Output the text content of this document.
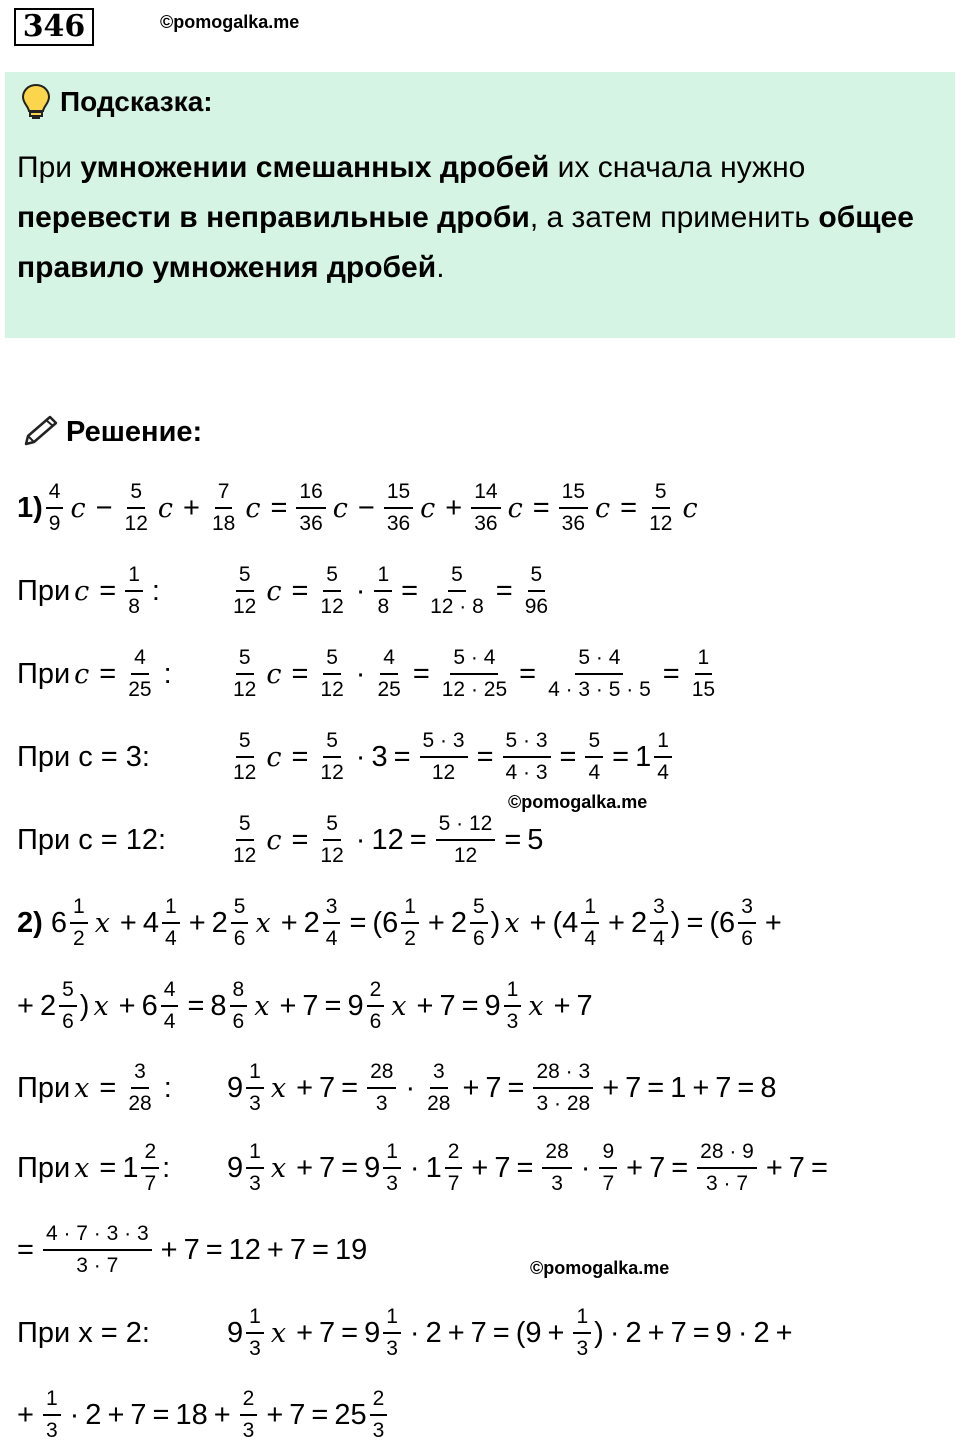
346	©pomogalka.me
Подсказка:
При умножении смешанных дробей их сначала нужно перевести в неправильные дроби, а затем применить общее правило умножения дробей.
Решение:
$1) \frac{4}{9}$ $c - \frac{5}{12}$ $c + \frac{7}{18}$ $c = \frac{16}{36}$ $c - \frac{15}{36}$ $c + \frac{14}{36}$ $c = \frac{15}{36}$ $c = \frac{5}{12}$ c
При $c = \frac{1}{8}$ :	$\frac{5}{12}$ $c = \frac{5}{12} \cdot \frac{1}{8} = \frac{5}{12 \cdot 8} = \frac{5}{96}$
При $c = \frac{4}{25}$ :	$\frac{5}{12}$ $c = \frac{5}{12} \cdot \frac{4}{25} = \frac{5 \cdot 4}{12 \cdot 25} = \frac{5 \cdot 4}{4 \cdot 3 \cdot 5 \cdot 5} = \frac{1}{15}$
При
c = 3:	$\frac{5}{12}$ $c = \frac{5}{12} \cdot 3 = \frac{5 \cdot 3}{12} = \frac{5 \cdot 3}{4 \cdot 3} = \frac{5}{4} = 1 \frac{1}{4}$
©pomogalka.me
При
c = 12:	$\frac{5}{12}$ $c = \frac{5}{12} \cdot 12 = \frac{5 \cdot 12}{12} = 5$
2)
$6 \frac{1}{2}$ $x + 4 \frac{1}{4} + 2 \frac{5}{6}$ $x + 2 \frac{3}{4}$ = ( $6 \frac{1}{2} + 2 \frac{5}{6}$ ) x + ( $4 \frac{1}{4} + 2 \frac{3}{4}$ ) = ( $6 \frac{3}{6}$ +
+ $2 \frac{5}{6}$ ) $x + 6 \frac{4}{4} = 8 \frac{8}{6}$ $x + 7 = 9 \frac{2}{6}$ $x + 7 = 9 \frac{1}{3}$ x + 7
При $x = \frac{3}{28}$ : $9 \frac{1}{3}$ $x + 7 = \frac{28}{3} \cdot \frac{3}{28} + 7 = \frac{28 \cdot 3}{3 \cdot 28} + 7 = 1 + 7 = 8$
При $x = 1 \frac{2}{7}$ : $9 \frac{1}{3}$ $x + 7 = 9 \frac{1}{3} \cdot 1 \frac{2}{7} + 7 = \frac{28}{3} \cdot \frac{9}{7} + 7 = \frac{28 \cdot 9}{3 \cdot 7} + 7$ =
= $\frac{4 \cdot 7 \cdot 3 \cdot 3}{3 \cdot 7} + 7 = 12 + 7 = 19$
©pomogalka.me
При
x = 2:	$9 \frac{1}{3}$ $x + 7 = 9 \frac{1}{3} \cdot 2 + 7$ = ( $9 + \frac{1}{3}$ ) · 2 + 7 = 9 · 2 +
+ $\frac{1}{3} \cdot 2 + 7 = 18 + \frac{2}{3} + 7 = 25 \frac{2}{3}$
